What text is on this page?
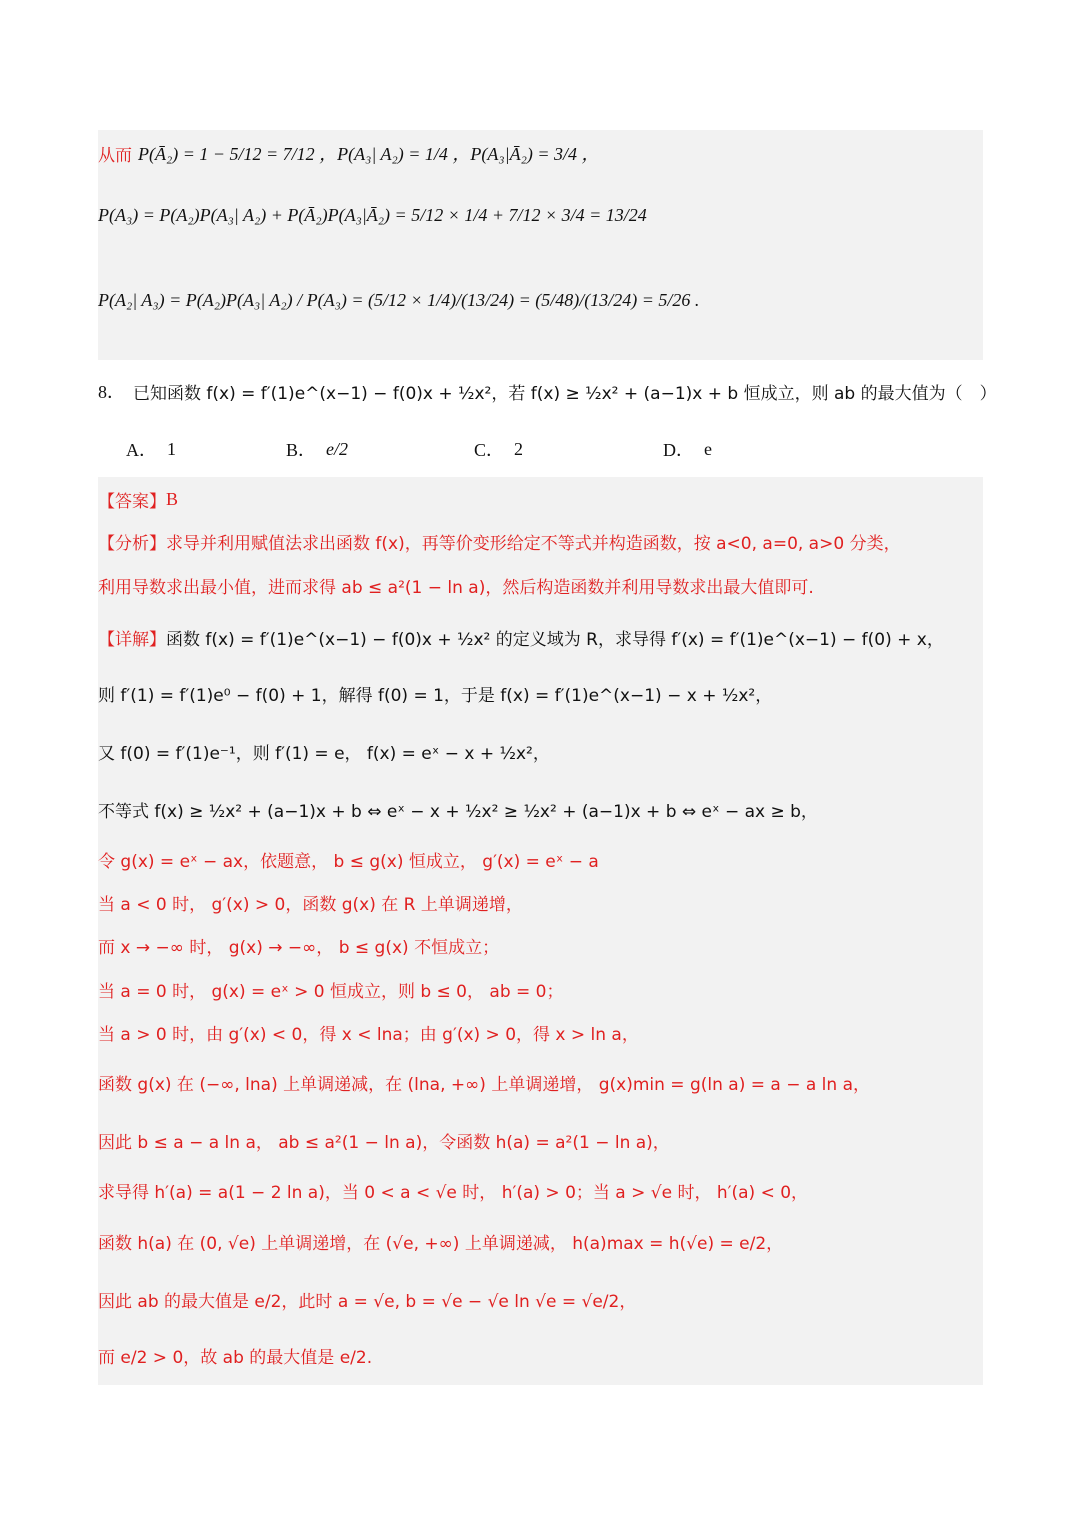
从而 P(Ā₂) = 1 − 5/12 = 7/12 ，P(A₃| A₂) = 1/4 ，P(A₃|Ā₂) = 3/4 ，
P(A₃) = P(A₂)P(A₃| A₂) + P(Ā₂)P(A₃|Ā₂) = 5/12 × 1/4 + 7/12 × 3/4 = 13/24
P(A₂| A₃) = P(A₂)P(A₃| A₂) / P(A₃) = (5/12 × 1/4)/(13/24) = (5/48)/(13/24) = 5/26 .
8． 已知函数 f(x) = f′(1)e^(x−1) − f(0)x + ½x²，若 f(x) ≥ ½x² + (a−1)x + b 恒成立，则 ab 的最大值为（　）
A． 1	B． e/2	C． 2	D． e
【答案】 B
【分析】 求导并利用赋值法求出函数 f(x)，再等价变形给定不等式并构造函数，按 a<0, a=0, a>0 分类，
利用导数求出最小值，进而求得 ab ≤ a²(1 − ln a)，然后构造函数并利用导数求出最大值即可.
【详解】 函数 f(x) = f′(1)e^(x−1) − f(0)x + ½x² 的定义域为 R，求导得 f′(x) = f′(1)e^(x−1) − f(0) + x，
则 f′(1) = f′(1)e⁰ − f(0) + 1，解得 f(0) = 1，于是 f(x) = f′(1)e^(x−1) − x + ½x²，
又 f(0) = f′(1)e⁻¹，则 f′(1) = e， f(x) = eˣ − x + ½x²，
不等式 f(x) ≥ ½x² + (a−1)x + b ⇔ eˣ − x + ½x² ≥ ½x² + (a−1)x + b ⇔ eˣ − ax ≥ b，
令 g(x) = eˣ − ax，依题意， b ≤ g(x) 恒成立， g′(x) = eˣ − a
当 a < 0 时， g′(x) > 0，函数 g(x) 在 R 上单调递增，
而 x → −∞ 时， g(x) → −∞， b ≤ g(x) 不恒成立；
当 a = 0 时， g(x) = eˣ > 0 恒成立，则 b ≤ 0， ab = 0；
当 a > 0 时，由 g′(x) < 0，得 x < lna；由 g′(x) > 0，得 x > ln a，
函数 g(x) 在 (−∞, lna) 上单调递减，在 (lna, +∞) 上单调递增， g(x)min = g(ln a) = a − a ln a，
因此 b ≤ a − a ln a， ab ≤ a²(1 − ln a)，令函数 h(a) = a²(1 − ln a)，
求导得 h′(a) = a(1 − 2 ln a)，当 0 < a < √e 时， h′(a) > 0；当 a > √e 时， h′(a) < 0，
函数 h(a) 在 (0, √e) 上单调递增，在 (√e, +∞) 上单调递减， h(a)max = h(√e) = e/2，
因此 ab 的最大值是 e/2，此时 a = √e, b = √e − √e ln √e = √e/2，
而 e/2 > 0，故 ab 的最大值是 e/2.
